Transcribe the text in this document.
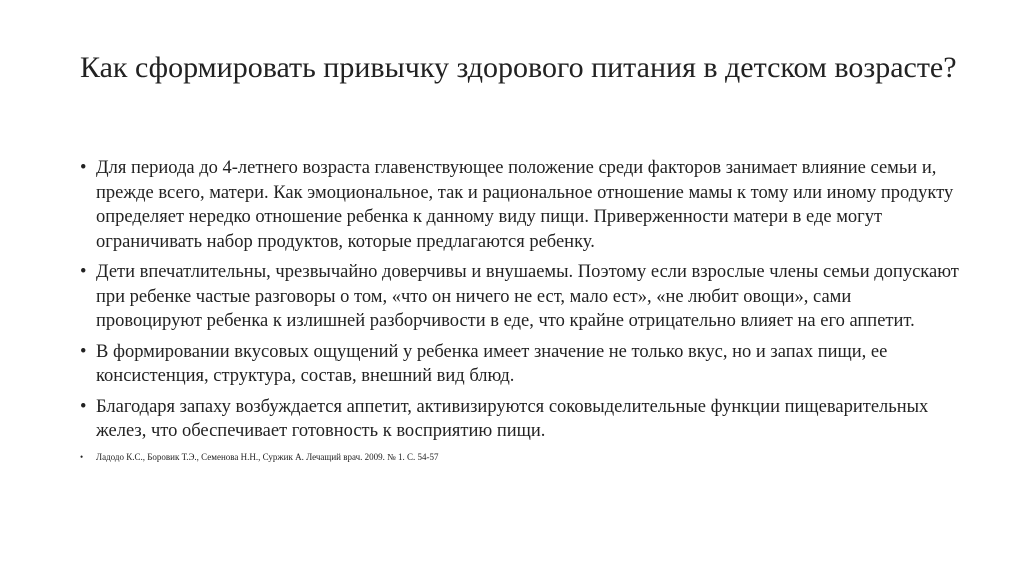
Как сформировать привычку здорового питания в детском возрасте?
• Для периода до 4-летнего возраста главенствующее положение среди факторов занимает влияние семьи и, прежде всего, матери. Как эмоциональное, так и рациональное отношение мамы к тому или иному продукту определяет нередко отношение ребенка к данному виду пищи. Приверженности матери в еде могут ограничивать набор продуктов, которые предлагаются ребенку.
• Дети впечатлительны, чрезвычайно доверчивы и внушаемы. Поэтому если взрослые члены семьи допускают при ребенке частые разговоры о том, «что он ничего не ест, мало ест», «не любит овощи», сами провоцируют ребенка к излишней разборчивости в еде, что крайне отрицательно влияет на его аппетит.
• В формировании вкусовых ощущений у ребенка имеет значение не только вкус, но и запах пищи, ее консистенция, структура, состав, внешний вид блюд.
• Благодаря запаху возбуждается аппетит, активизируются соковыделительные функции пищеварительных желез, что обеспечивает готовность к восприятию пищи.
• Ладодо К.С., Боровик Т.Э., Семенова Н.Н., Суржик А. Лечащий врач. 2009. № 1. С. 54-57
